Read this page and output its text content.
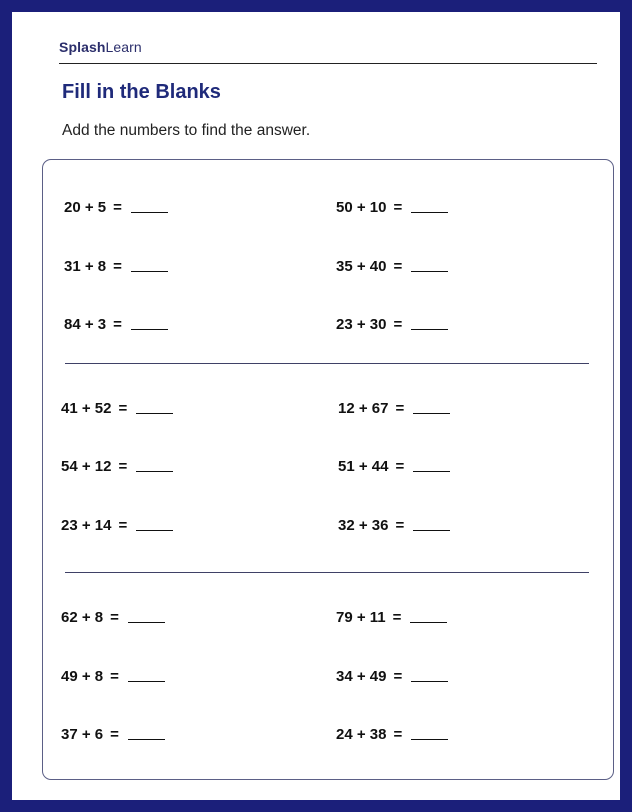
SplashLearn
Fill in the Blanks
Add the numbers to find the answer.
20 + 5 =
31 + 8 =
84 + 3 =
50 + 10 =
35 + 40 =
23 + 30 =
41 + 52 =
54 + 12 =
23 + 14 =
12 + 67 =
51 + 44 =
32 + 36 =
62 + 8 =
49 + 8 =
37 + 6 =
79 + 11 =
34 + 49 =
24 + 38 =
